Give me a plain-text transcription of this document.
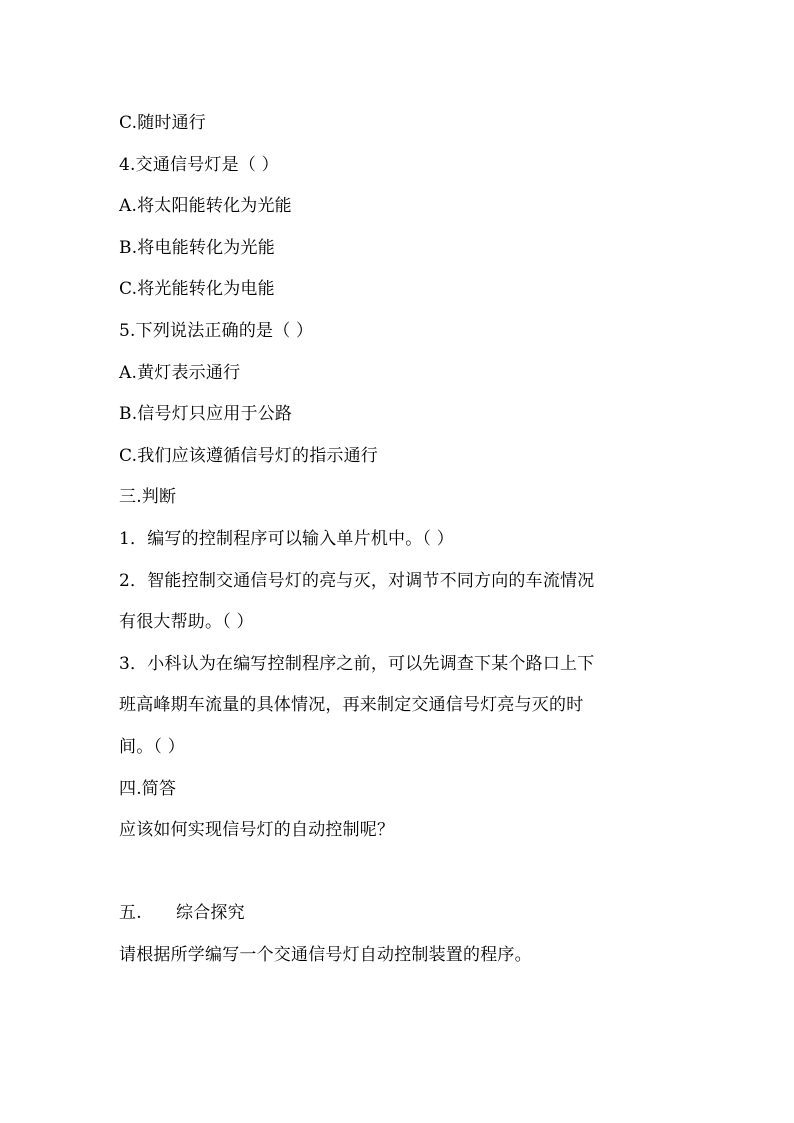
C.随时通行
4.交通信号灯是（ ）
A.将太阳能转化为光能
B.将电能转化为光能
C.将光能转化为电能
5.下列说法正确的是（ ）
A.黄灯表示通行
B.信号灯只应用于公路
C.我们应该遵循信号灯的指示通行
三.判断
1．编写的控制程序可以输入单片机中。（ ）
2．智能控制交通信号灯的亮与灭，对调节不同方向的车流情况
有很大帮助。（ ）
3．小科认为在编写控制程序之前，可以先调查下某个路口上下
班高峰期车流量的具体情况，再来制定交通信号灯亮与灭的时
间。（ ）
四.简答
应该如何实现信号灯的自动控制呢？
五. 综合探究
请根据所学编写一个交通信号灯自动控制装置的程序。
